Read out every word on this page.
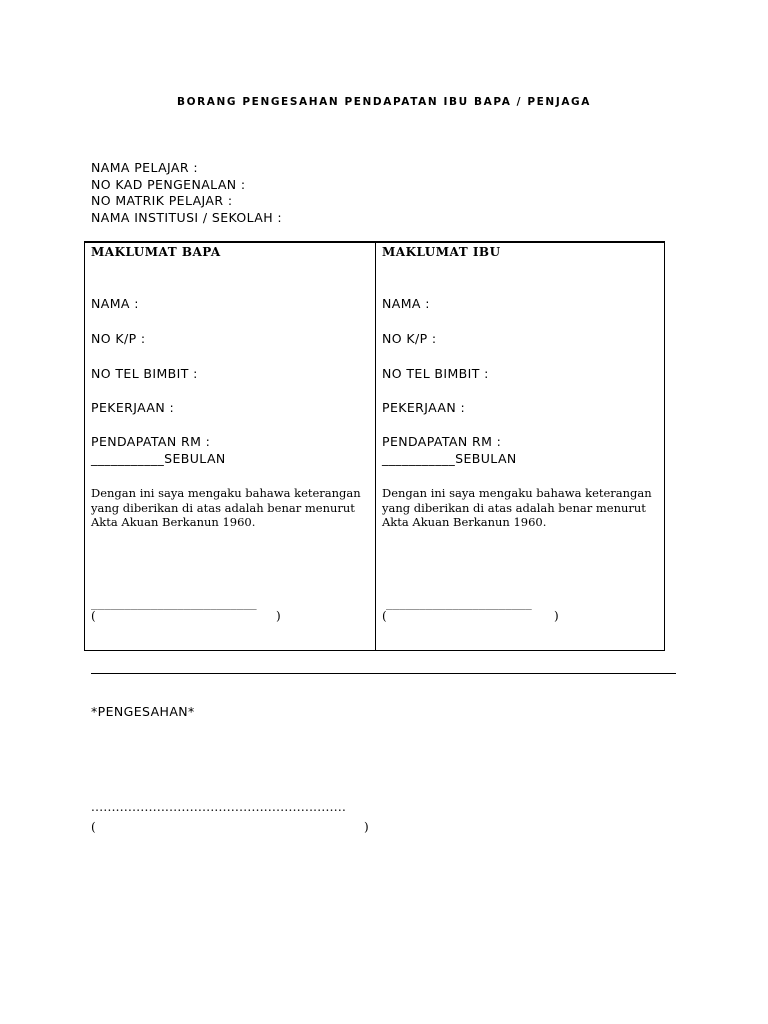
BORANG PENGESAHAN PENDAPATAN IBU BAPA / PENJAGA
NAMA PELAJAR :
NO KAD PENGENALAN :
NO MATRIK PELAJAR :
NAMA INSTITUSI / SEKOLAH :
MAKLUMAT BAPA
NAMA :
NO K/P :
NO TEL BIMBIT :
PEKERJAAN :
PENDAPATAN RM :
___________SEBULAN
Dengan ini saya mengaku bahawa keterangan yang diberikan di atas adalah benar menurut Akta Akuan Berkanun 1960.
_________________________
(	)
MAKLUMAT IBU
NAMA :
NO K/P :
NO TEL BIMBIT :
PEKERJAAN :
PENDAPATAN RM :
___________SEBULAN
Dengan ini saya mengaku bahawa keterangan yang diberikan di atas adalah benar menurut Akta Akuan Berkanun 1960.
______________________
(	)
*PENGESAHAN*
..............................................................
(	)
